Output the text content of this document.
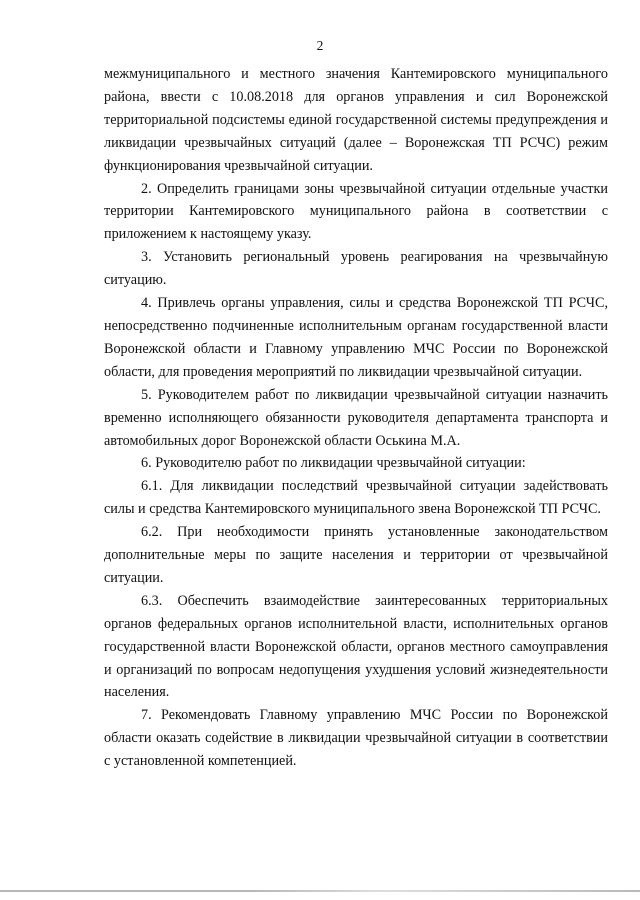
2

межмуниципального и местного значения Кантемировского муниципального района, ввести с 10.08.2018 для органов управления и сил Воронежской территориальной подсистемы единой государственной системы предупреждения и ликвидации чрезвычайных ситуаций (далее – Воронежская ТП РСЧС) режим функционирования чрезвычайной ситуации.

2. Определить границами зоны чрезвычайной ситуации отдельные участки территории Кантемировского муниципального района в соответствии с приложением к настоящему указу.

3. Установить региональный уровень реагирования на чрезвычайную ситуацию.

4. Привлечь органы управления, силы и средства Воронежской ТП РСЧС, непосредственно подчиненные исполнительным органам государственной власти Воронежской области и Главному управлению МЧС России по Воронежской области, для проведения мероприятий по ликвидации чрезвычайной ситуации.

5. Руководителем работ по ликвидации чрезвычайной ситуации назначить временно исполняющего обязанности руководителя департамента транспорта и автомобильных дорог Воронежской области Оськина М.А.

6. Руководителю работ по ликвидации чрезвычайной ситуации:

6.1. Для ликвидации последствий чрезвычайной ситуации задействовать силы и средства Кантемировского муниципального звена Воронежской ТП РСЧС.

6.2. При необходимости принять установленные законодательством дополнительные меры по защите населения и территории от чрезвычайной ситуации.

6.3. Обеспечить взаимодействие заинтересованных территориальных органов федеральных органов исполнительной власти, исполнительных органов государственной власти Воронежской области, органов местного самоуправления и организаций по вопросам недопущения ухудшения условий жизнедеятельности населения.

7. Рекомендовать Главному управлению МЧС России по Воронежской области оказать содействие в ликвидации чрезвычайной ситуации в соответствии с установленной компетенцией.
